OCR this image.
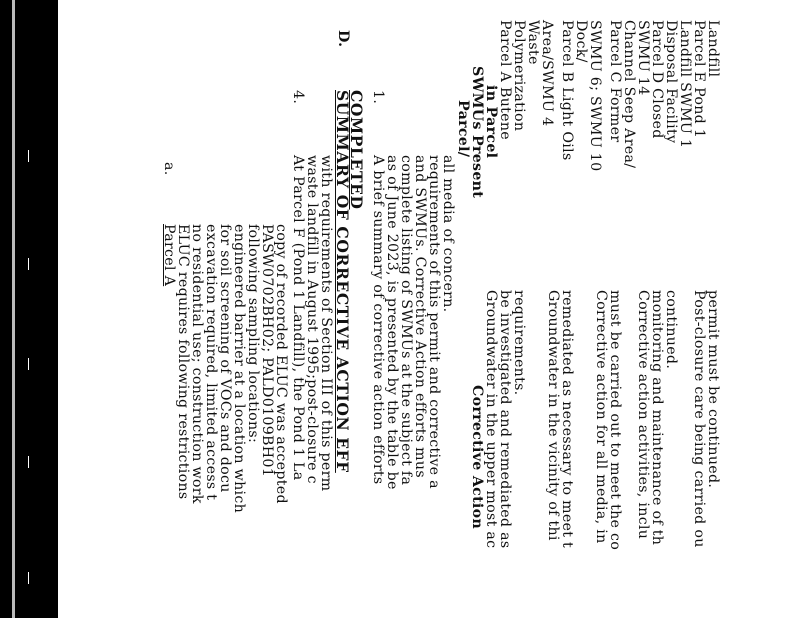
a.
Parcel A
ELUC requires following restrictions
no residential use; construction work
excavation required, limited access t
for soil screening of VOCs and docu
engineered barrier at a location which
following sampling locations:
PASW0702BH02; PALD0109BH01
copy of recorded ELUC was accepted
4.
At Parcel F (Pond 1 Landfill), the Pond 1 La
waste landfill in August 1995;post-closure c
with requirements of Section III of this perm
D.
SUMMARY OF CORRECTIVE ACTION EFF
COMPLETED 1.
A brief summary of corrective action efforts
as of June 2023, is presented by the table be
complete listing of SWMUs at the subject fa
and SWMUs. Corrective Action efforts mus
requirements of this permit and corrective a
all media of concern.
Parcel/
SWMUs Present
in Parcel
Corrective Action
Parcel A Butene
Polymerization
Waste
Area/SWMU 4
Groundwater in the upper most ac
be investigated and remediated as
requirements.
Parcel B Light Oils
Dock/
SWMU 6; SWMU 10
Groundwater in the vicinity of thi
remediated as necessary to meet t
Parcel C Former
Channel Seep Area/
SWMU 14
Corrective action for all media, in
must be carried out to meet the co
Parcel D Closed
Disposal Facility
Landfill SWMU 1
Corrective action activities, inclu
monitoring and maintenance of th
continued.
Parcel E Pond 1
Landfill
Post-closure care being carried ou
permit must be continued.
